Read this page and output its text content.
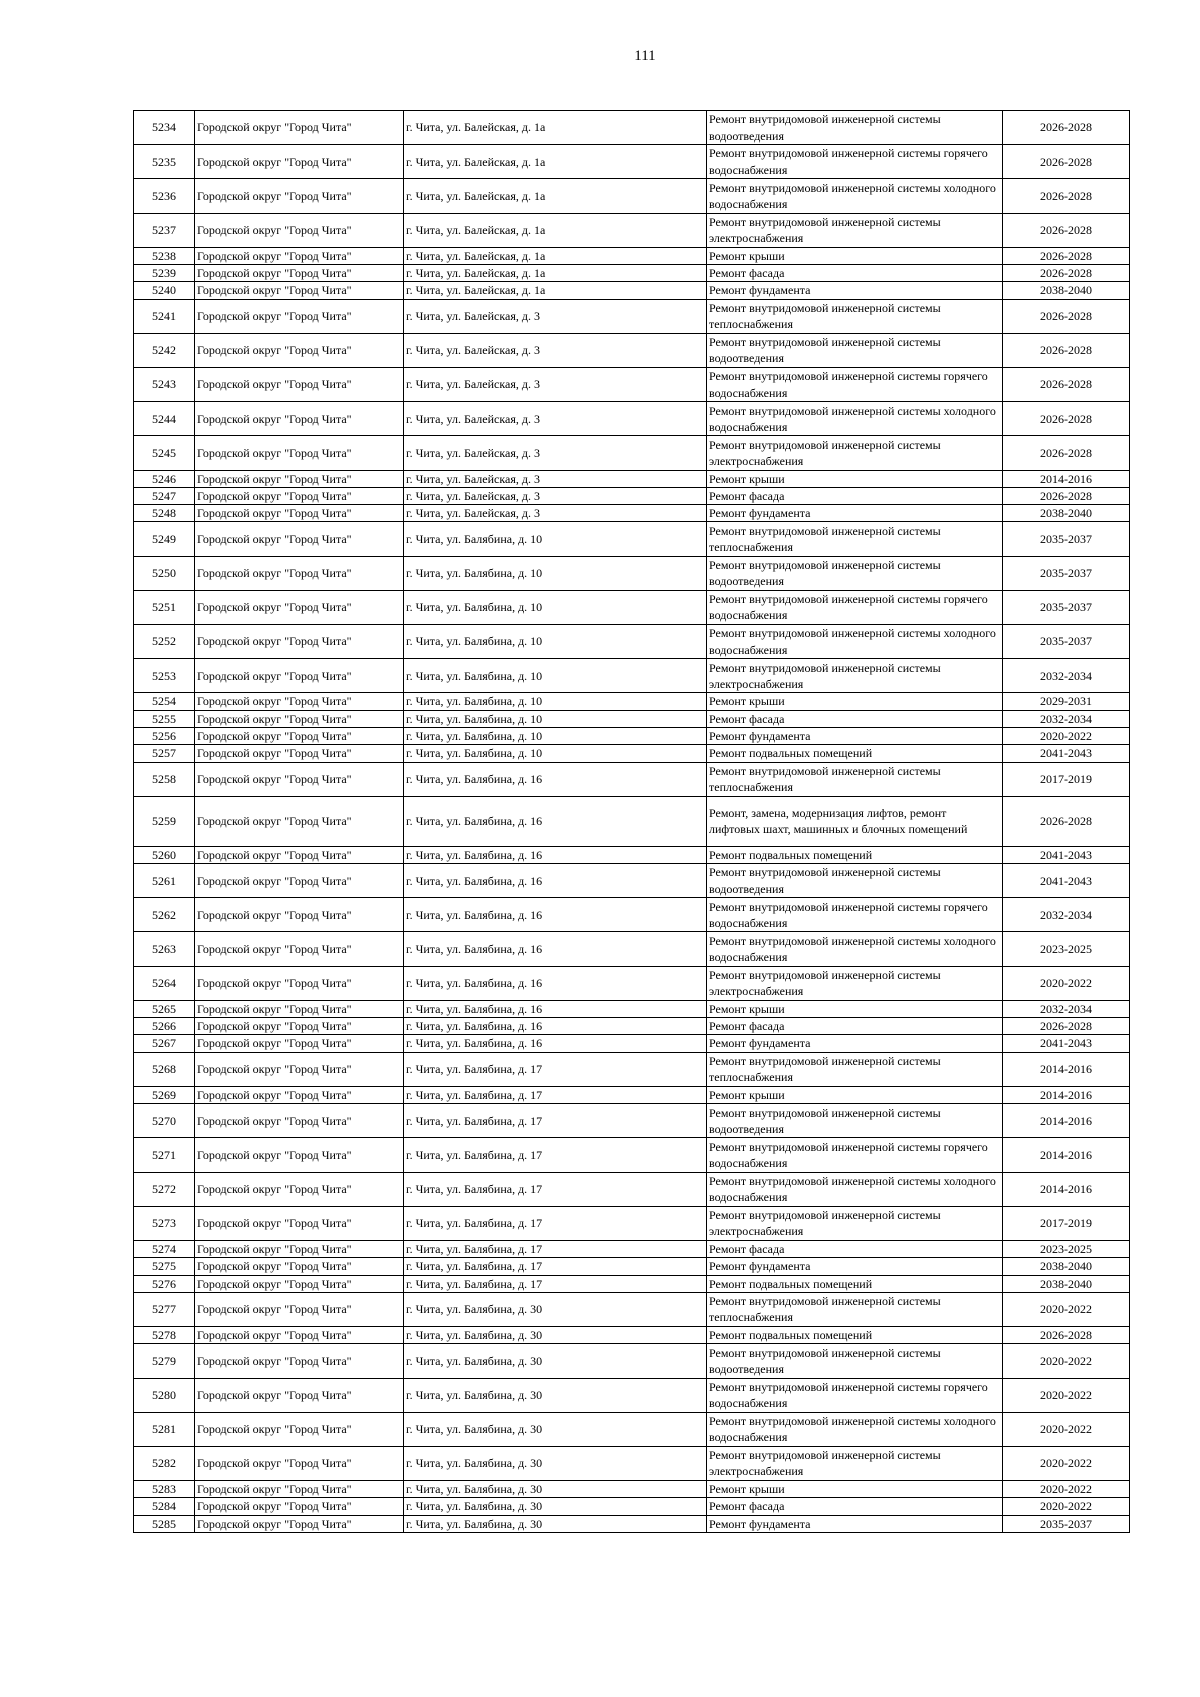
111
5234	Городской округ "Город Чита"	г. Чита, ул. Балейская, д. 1а	Ремонт внутридомовой инженерной системы водоотведения	2026-2028
5235	Городской округ "Город Чита"	г. Чита, ул. Балейская, д. 1а	Ремонт внутридомовой инженерной системы горячего водоснабжения	2026-2028
5236	Городской округ "Город Чита"	г. Чита, ул. Балейская, д. 1а	Ремонт внутридомовой инженерной системы холодного водоснабжения	2026-2028
5237	Городской округ "Город Чита"	г. Чита, ул. Балейская, д. 1а	Ремонт внутридомовой инженерной системы электроснабжения	2026-2028
5238	Городской округ "Город Чита"	г. Чита, ул. Балейская, д. 1а	Ремонт крыши	2026-2028
5239	Городской округ "Город Чита"	г. Чита, ул. Балейская, д. 1а	Ремонт фасада	2026-2028
5240	Городской округ "Город Чита"	г. Чита, ул. Балейская, д. 1а	Ремонт фундамента	2038-2040
5241	Городской округ "Город Чита"	г. Чита, ул. Балейская, д. 3	Ремонт внутридомовой инженерной системы теплоснабжения	2026-2028
5242	Городской округ "Город Чита"	г. Чита, ул. Балейская, д. 3	Ремонт внутридомовой инженерной системы водоотведения	2026-2028
5243	Городской округ "Город Чита"	г. Чита, ул. Балейская, д. 3	Ремонт внутридомовой инженерной системы горячего водоснабжения	2026-2028
5244	Городской округ "Город Чита"	г. Чита, ул. Балейская, д. 3	Ремонт внутридомовой инженерной системы холодного водоснабжения	2026-2028
5245	Городской округ "Город Чита"	г. Чита, ул. Балейская, д. 3	Ремонт внутридомовой инженерной системы электроснабжения	2026-2028
5246	Городской округ "Город Чита"	г. Чита, ул. Балейская, д. 3	Ремонт крыши	2014-2016
5247	Городской округ "Город Чита"	г. Чита, ул. Балейская, д. 3	Ремонт фасада	2026-2028
5248	Городской округ "Город Чита"	г. Чита, ул. Балейская, д. 3	Ремонт фундамента	2038-2040
5249	Городской округ "Город Чита"	г. Чита, ул. Балябина, д. 10	Ремонт внутридомовой инженерной системы теплоснабжения	2035-2037
5250	Городской округ "Город Чита"	г. Чита, ул. Балябина, д. 10	Ремонт внутридомовой инженерной системы водоотведения	2035-2037
5251	Городской округ "Город Чита"	г. Чита, ул. Балябина, д. 10	Ремонт внутридомовой инженерной системы горячего водоснабжения	2035-2037
5252	Городской округ "Город Чита"	г. Чита, ул. Балябина, д. 10	Ремонт внутридомовой инженерной системы холодного водоснабжения	2035-2037
5253	Городской округ "Город Чита"	г. Чита, ул. Балябина, д. 10	Ремонт внутридомовой инженерной системы электроснабжения	2032-2034
5254	Городской округ "Город Чита"	г. Чита, ул. Балябина, д. 10	Ремонт крыши	2029-2031
5255	Городской округ "Город Чита"	г. Чита, ул. Балябина, д. 10	Ремонт фасада	2032-2034
5256	Городской округ "Город Чита"	г. Чита, ул. Балябина, д. 10	Ремонт фундамента	2020-2022
5257	Городской округ "Город Чита"	г. Чита, ул. Балябина, д. 10	Ремонт подвальных помещений	2041-2043
5258	Городской округ "Город Чита"	г. Чита, ул. Балябина, д. 16	Ремонт внутридомовой инженерной системы теплоснабжения	2017-2019
5259	Городской округ "Город Чита"	г. Чита, ул. Балябина, д. 16	Ремонт, замена, модернизация лифтов, ремонт лифтовых шахт, машинных и блочных помещений	2026-2028
5260	Городской округ "Город Чита"	г. Чита, ул. Балябина, д. 16	Ремонт подвальных помещений	2041-2043
5261	Городской округ "Город Чита"	г. Чита, ул. Балябина, д. 16	Ремонт внутридомовой инженерной системы водоотведения	2041-2043
5262	Городской округ "Город Чита"	г. Чита, ул. Балябина, д. 16	Ремонт внутридомовой инженерной системы горячего водоснабжения	2032-2034
5263	Городской округ "Город Чита"	г. Чита, ул. Балябина, д. 16	Ремонт внутридомовой инженерной системы холодного водоснабжения	2023-2025
5264	Городской округ "Город Чита"	г. Чита, ул. Балябина, д. 16	Ремонт внутридомовой инженерной системы электроснабжения	2020-2022
5265	Городской округ "Город Чита"	г. Чита, ул. Балябина, д. 16	Ремонт крыши	2032-2034
5266	Городской округ "Город Чита"	г. Чита, ул. Балябина, д. 16	Ремонт фасада	2026-2028
5267	Городской округ "Город Чита"	г. Чита, ул. Балябина, д. 16	Ремонт фундамента	2041-2043
5268	Городской округ "Город Чита"	г. Чита, ул. Балябина, д. 17	Ремонт внутридомовой инженерной системы теплоснабжения	2014-2016
5269	Городской округ "Город Чита"	г. Чита, ул. Балябина, д. 17	Ремонт крыши	2014-2016
5270	Городской округ "Город Чита"	г. Чита, ул. Балябина, д. 17	Ремонт внутридомовой инженерной системы водоотведения	2014-2016
5271	Городской округ "Город Чита"	г. Чита, ул. Балябина, д. 17	Ремонт внутридомовой инженерной системы горячего водоснабжения	2014-2016
5272	Городской округ "Город Чита"	г. Чита, ул. Балябина, д. 17	Ремонт внутридомовой инженерной системы холодного водоснабжения	2014-2016
5273	Городской округ "Город Чита"	г. Чита, ул. Балябина, д. 17	Ремонт внутридомовой инженерной системы электроснабжения	2017-2019
5274	Городской округ "Город Чита"	г. Чита, ул. Балябина, д. 17	Ремонт фасада	2023-2025
5275	Городской округ "Город Чита"	г. Чита, ул. Балябина, д. 17	Ремонт фундамента	2038-2040
5276	Городской округ "Город Чита"	г. Чита, ул. Балябина, д. 17	Ремонт подвальных помещений	2038-2040
5277	Городской округ "Город Чита"	г. Чита, ул. Балябина, д. 30	Ремонт внутридомовой инженерной системы теплоснабжения	2020-2022
5278	Городской округ "Город Чита"	г. Чита, ул. Балябина, д. 30	Ремонт подвальных помещений	2026-2028
5279	Городской округ "Город Чита"	г. Чита, ул. Балябина, д. 30	Ремонт внутридомовой инженерной системы водоотведения	2020-2022
5280	Городской округ "Город Чита"	г. Чита, ул. Балябина, д. 30	Ремонт внутридомовой инженерной системы горячего водоснабжения	2020-2022
5281	Городской округ "Город Чита"	г. Чита, ул. Балябина, д. 30	Ремонт внутридомовой инженерной системы холодного водоснабжения	2020-2022
5282	Городской округ "Город Чита"	г. Чита, ул. Балябина, д. 30	Ремонт внутридомовой инженерной системы электроснабжения	2020-2022
5283	Городской округ "Город Чита"	г. Чита, ул. Балябина, д. 30	Ремонт крыши	2020-2022
5284	Городской округ "Город Чита"	г. Чита, ул. Балябина, д. 30	Ремонт фасада	2020-2022
5285	Городской округ "Город Чита"	г. Чита, ул. Балябина, д. 30	Ремонт фундамента	2035-2037
